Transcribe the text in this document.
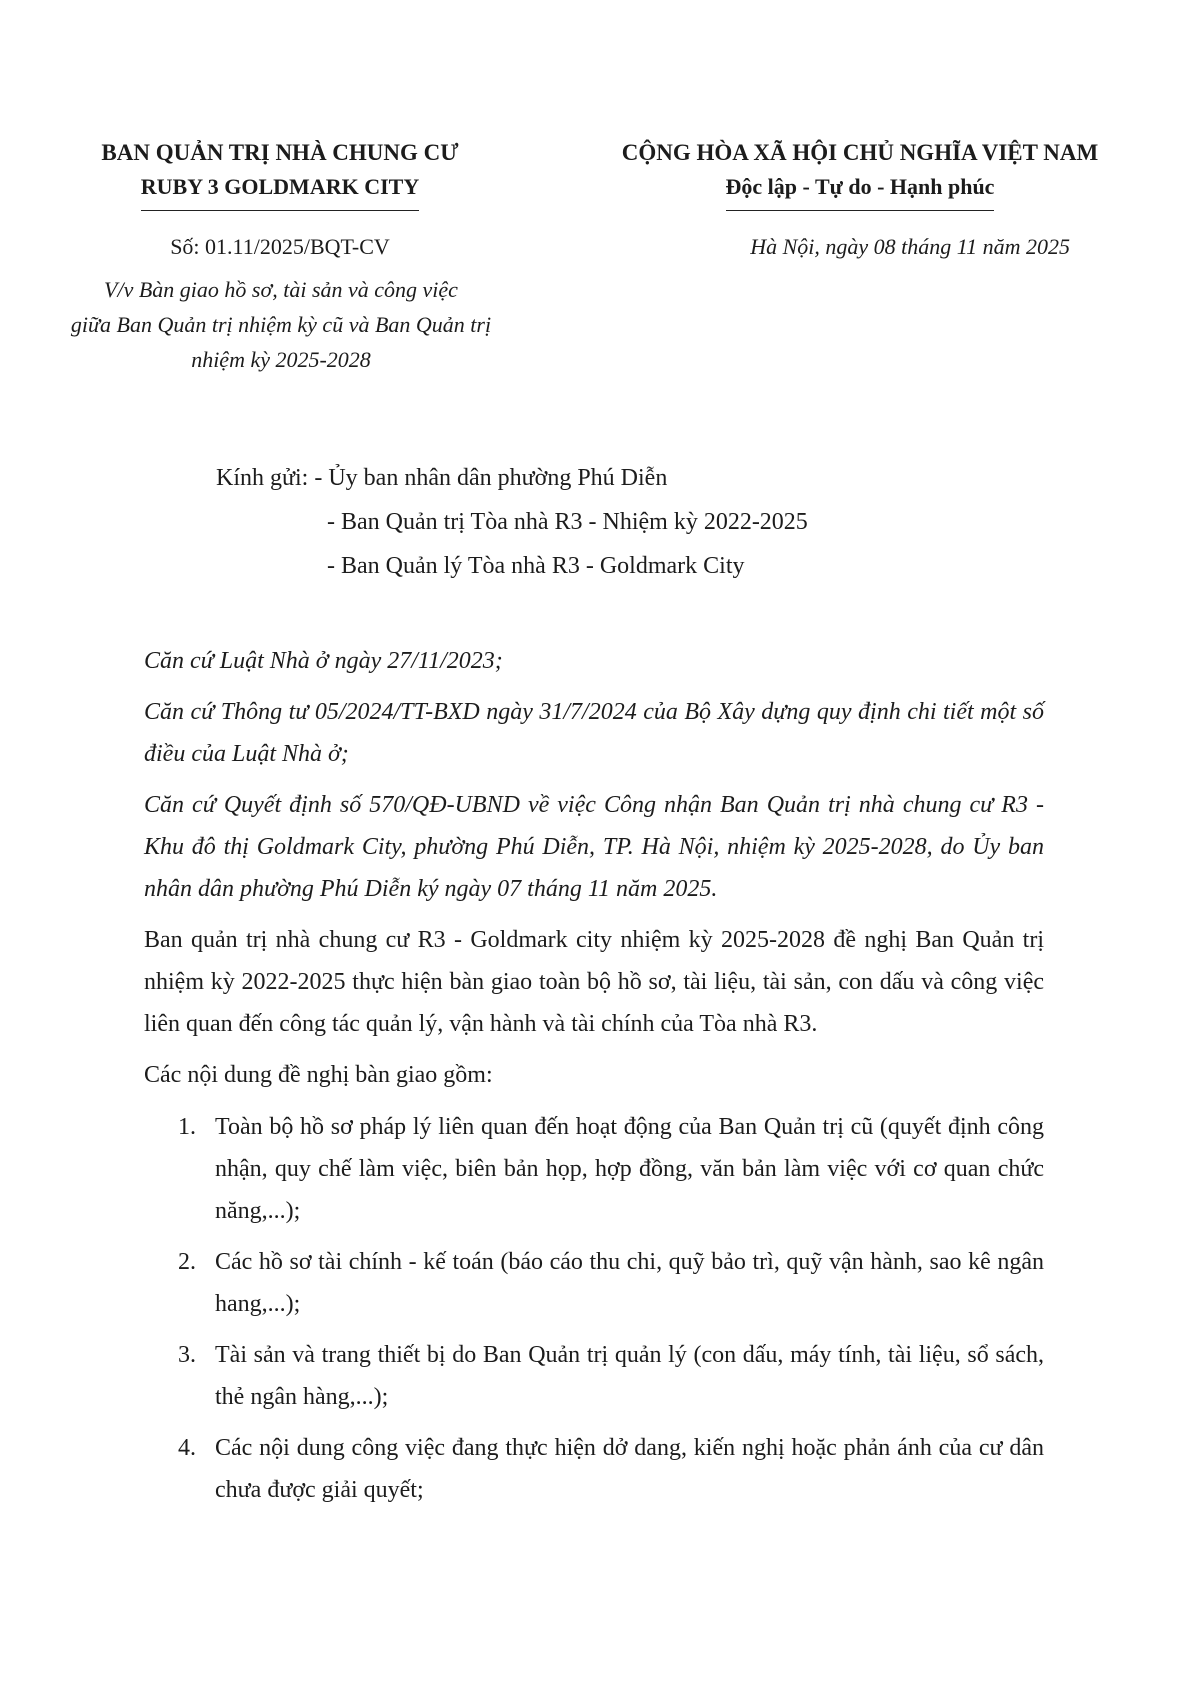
BAN QUẢN TRỊ NHÀ CHUNG CƯ

RUBY 3 GOLDMARK CITY

CỘNG HÒA XÃ HỘI CHỦ NGHĨA VIỆT NAM

Độc lập - Tự do - Hạnh phúc
Số: 01.11/2025/BQT-CV	Hà Nội, ngày 08 tháng 11 năm 2025
V/v Bàn giao hồ sơ, tài sản và công việc
giữa Ban Quản trị nhiệm kỳ cũ và Ban Quản trị
nhiệm kỳ 2025-2028
Kính gửi: - Ủy ban nhân dân phường Phú Diễn
- Ban Quản trị Tòa nhà R3 - Nhiệm kỳ 2022-2025
- Ban Quản lý Tòa nhà R3 - Goldmark City

Căn cứ Luật Nhà ở ngày 27/11/2023;

Căn cứ Thông tư 05/2024/TT-BXD ngày 31/7/2024 của Bộ Xây dựng quy định chi tiết một số điều của Luật Nhà ở;

Căn cứ Quyết định số 570/QĐ-UBND về việc Công nhận Ban Quản trị nhà chung cư R3 - Khu đô thị Goldmark City, phường Phú Diễn, TP. Hà Nội, nhiệm kỳ 2025-2028, do Ủy ban nhân dân phường Phú Diễn ký ngày 07 tháng 11 năm 2025.

Ban quản trị nhà chung cư R3 - Goldmark city nhiệm kỳ 2025-2028 đề nghị Ban Quản trị nhiệm kỳ 2022-2025 thực hiện bàn giao toàn bộ hồ sơ, tài liệu, tài sản, con dấu và công việc liên quan đến công tác quản lý, vận hành và tài chính của Tòa nhà R3.

Các nội dung đề nghị bàn giao gồm:

1. Toàn bộ hồ sơ pháp lý liên quan đến hoạt động của Ban Quản trị cũ (quyết định công nhận, quy chế làm việc, biên bản họp, hợp đồng, văn bản làm việc với cơ quan chức năng,...);
2. Các hồ sơ tài chính - kế toán (báo cáo thu chi, quỹ bảo trì, quỹ vận hành, sao kê ngân hang,...);
3. Tài sản và trang thiết bị do Ban Quản trị quản lý (con dấu, máy tính, tài liệu, sổ sách, thẻ ngân hàng,...);
4. Các nội dung công việc đang thực hiện dở dang, kiến nghị hoặc phản ánh của cư dân chưa được giải quyết;
